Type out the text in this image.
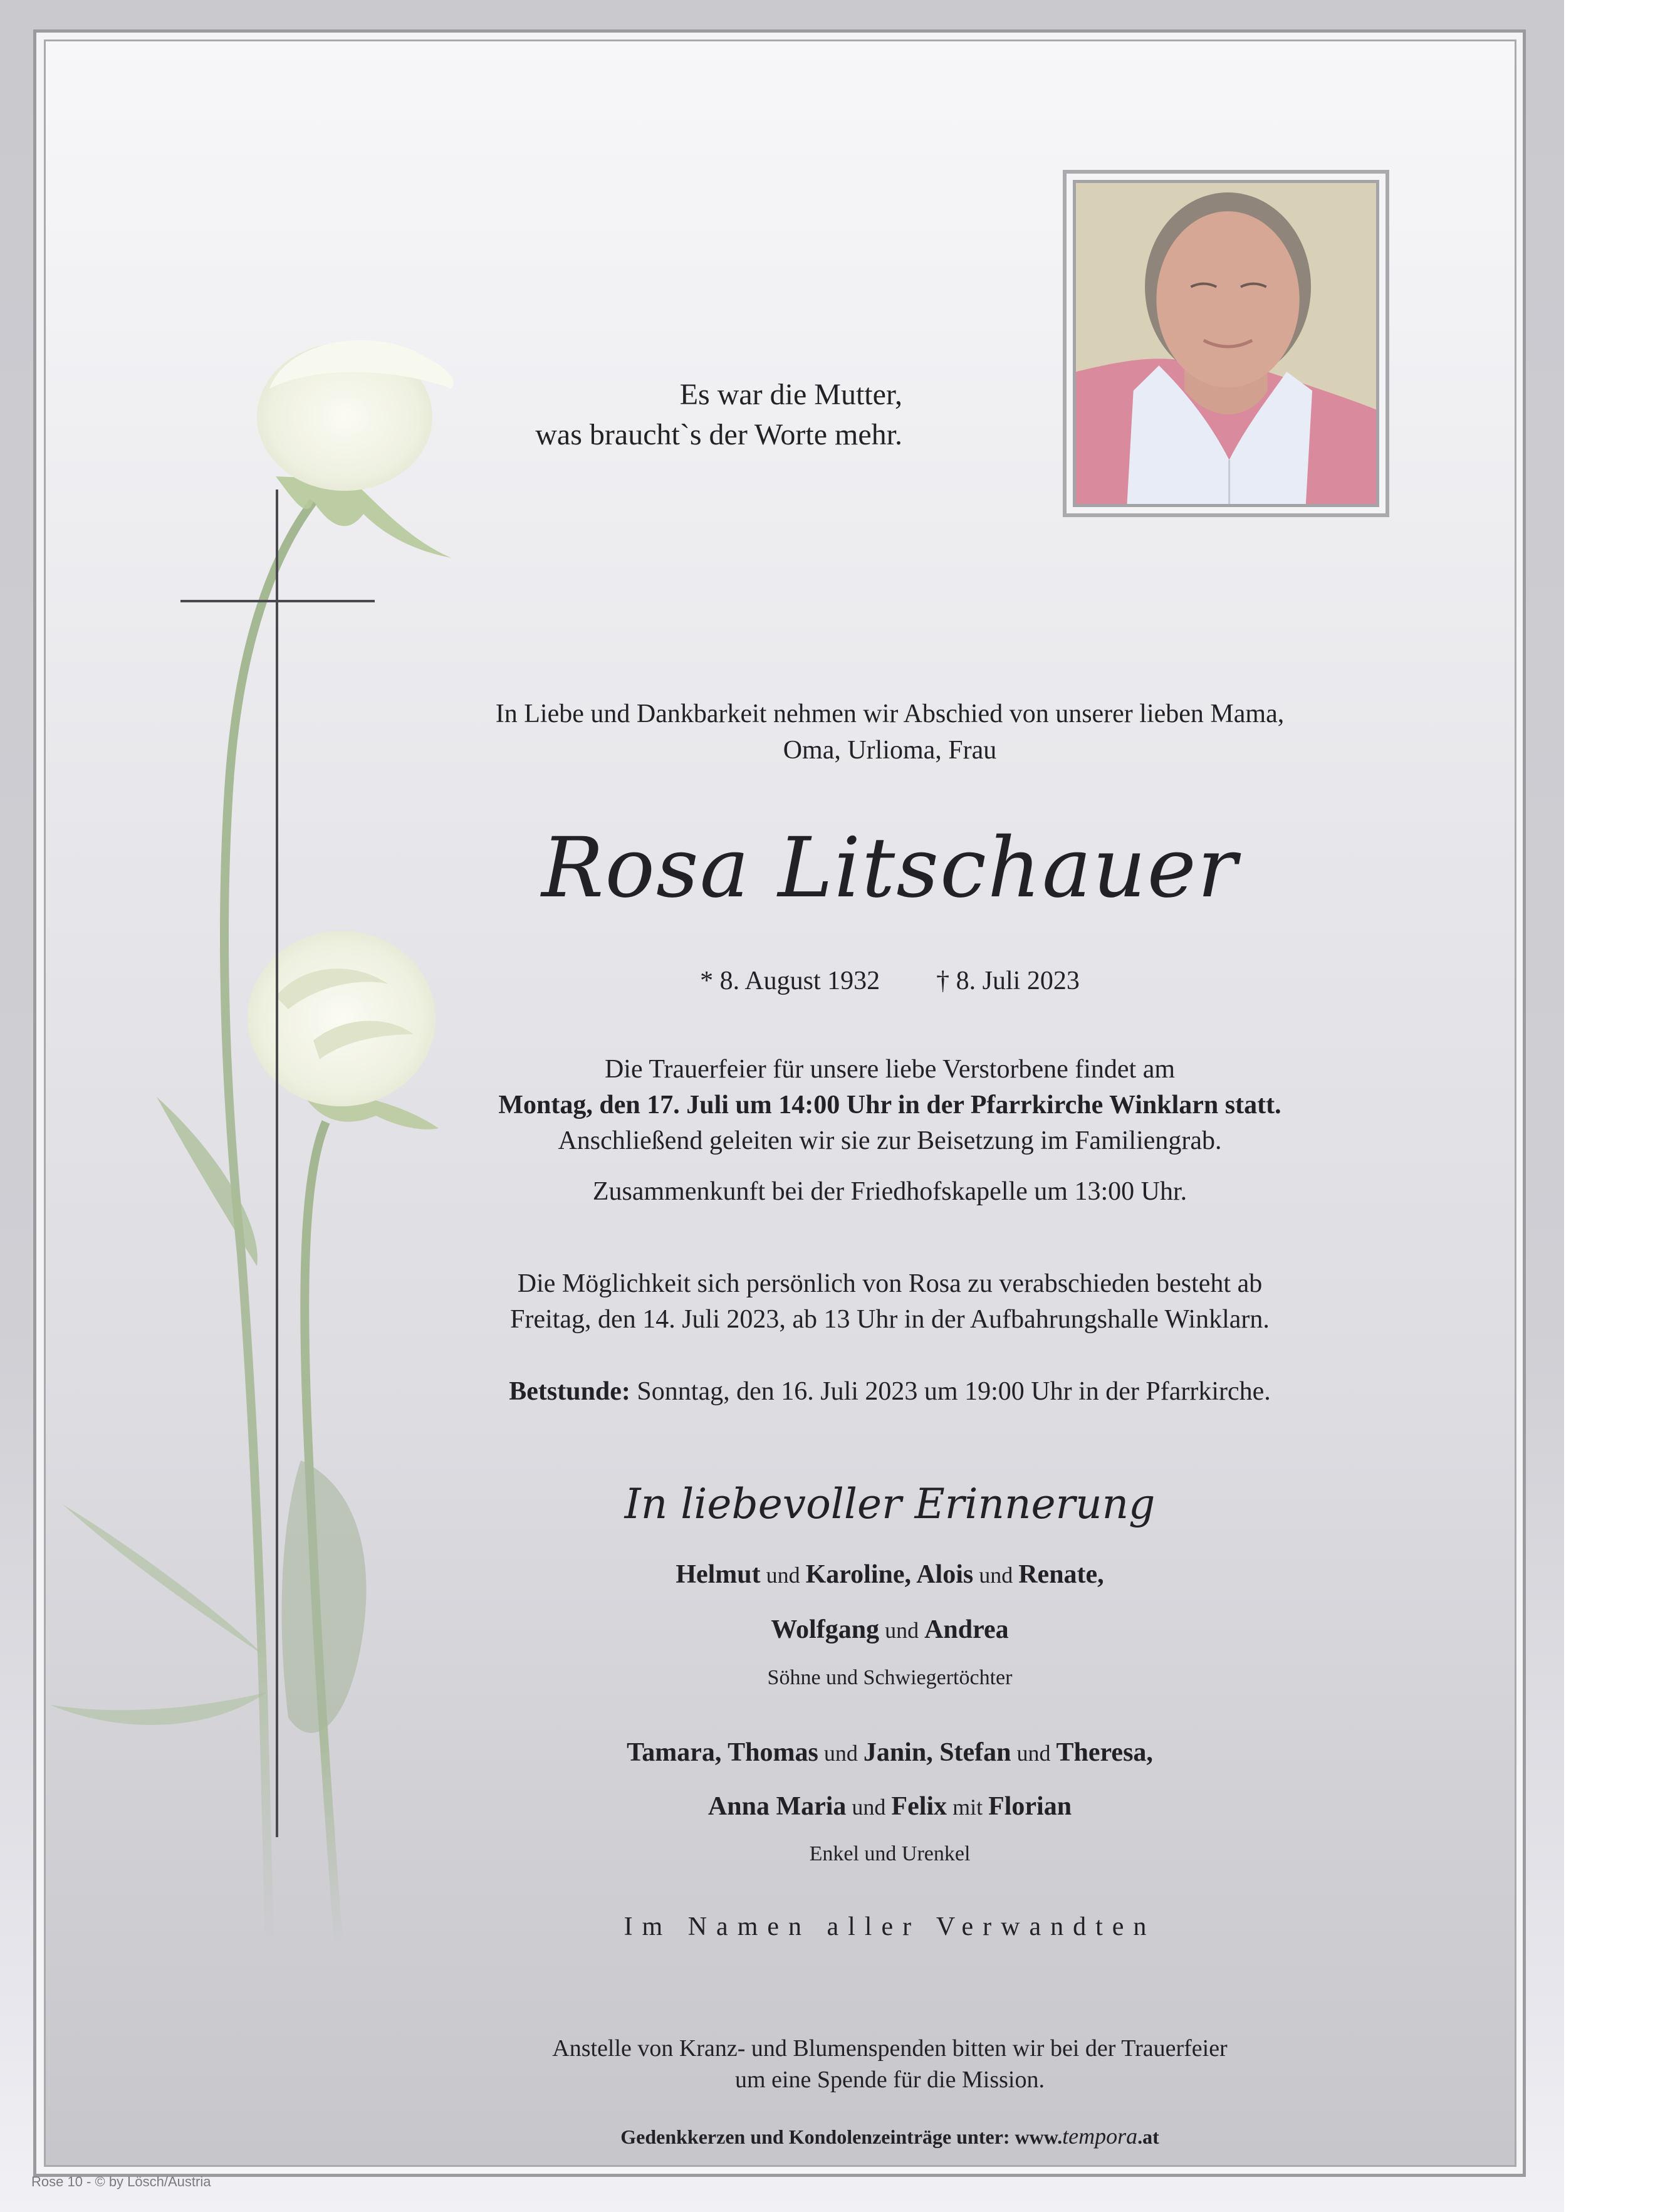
Es war die Mutter,
was braucht`s der Worte mehr.
In Liebe und Dankbarkeit nehmen wir Abschied von unserer lieben Mama,
Oma, Urlioma, Frau
Rosa Litschauer
* 8. August 1932 † 8. Juli 2023
Die Trauerfeier für unsere liebe Verstorbene findet am
Montag, den 17. Juli um 14:00 Uhr in der Pfarrkirche Winklarn statt.
Anschließend geleiten wir sie zur Beisetzung im Familiengrab.
Zusammenkunft bei der Friedhofskapelle um 13:00 Uhr.
Die Möglichkeit sich persönlich von Rosa zu verabschieden besteht ab
Freitag, den 14. Juli 2023, ab 13 Uhr in der Aufbahrungshalle Winklarn.
Betstunde: Sonntag, den 16. Juli 2023 um 19:00 Uhr in der Pfarrkirche.
In liebevoller Erinnerung
Helmut und Karoline, Alois und Renate,
Wolfgang und Andrea
Söhne und Schwiegertöchter
Tamara, Thomas und Janin, Stefan und Theresa,
Anna Maria und Felix mit Florian
Enkel und Urenkel
Im Namen aller Verwandten
Anstelle von Kranz- und Blumenspenden bitten wir bei der Trauerfeier
um eine Spende für die Mission.
Gedenkkerzen und Kondolenzeinträge unter: www.tempora.at
Rose 10 - © by Lösch/Austria
